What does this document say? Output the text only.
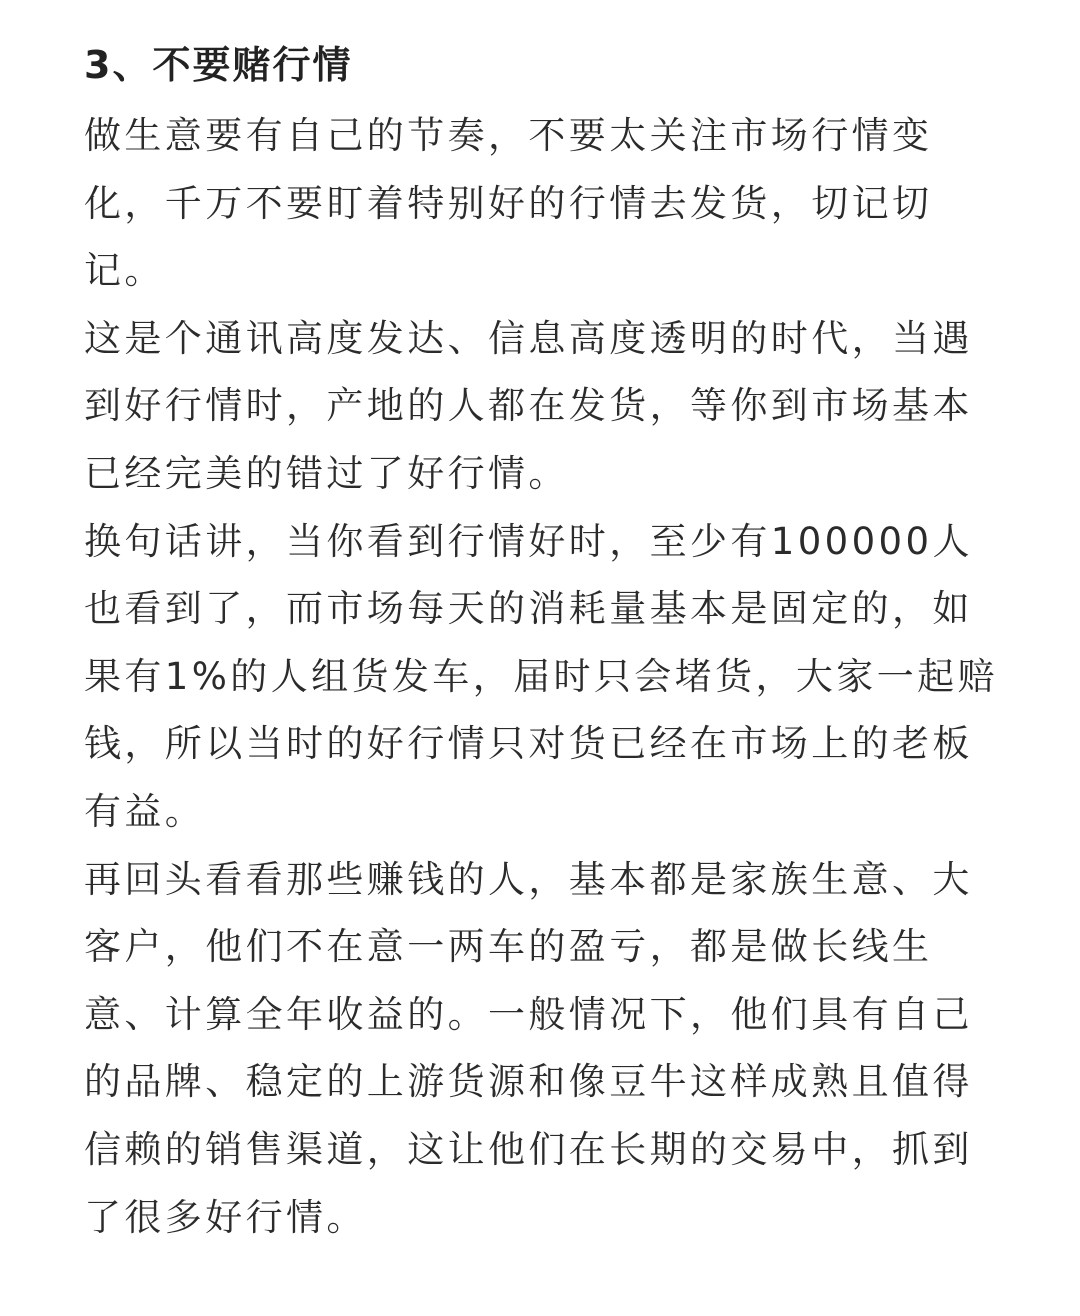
3、不要赌行情

做生意要有自己的节奏，不要太关注市场行情变化，千万不要盯着特别好的行情去发货，切记切记。

这是个通讯高度发达、信息高度透明的时代，当遇到好行情时，产地的人都在发货，等你到市场基本已经完美的错过了好行情。

换句话讲，当你看到行情好时，至少有100000人也看到了，而市场每天的消耗量基本是固定的，如果有1%的人组货发车，届时只会堵货，大家一起赔钱，所以当时的好行情只对货已经在市场上的老板有益。

再回头看看那些赚钱的人，基本都是家族生意、大客户，他们不在意一两车的盈亏，都是做长线生意、计算全年收益的。一般情况下，他们具有自己的品牌、稳定的上游货源和像豆牛这样成熟且值得信赖的销售渠道，这让他们在长期的交易中，抓到了很多好行情。
